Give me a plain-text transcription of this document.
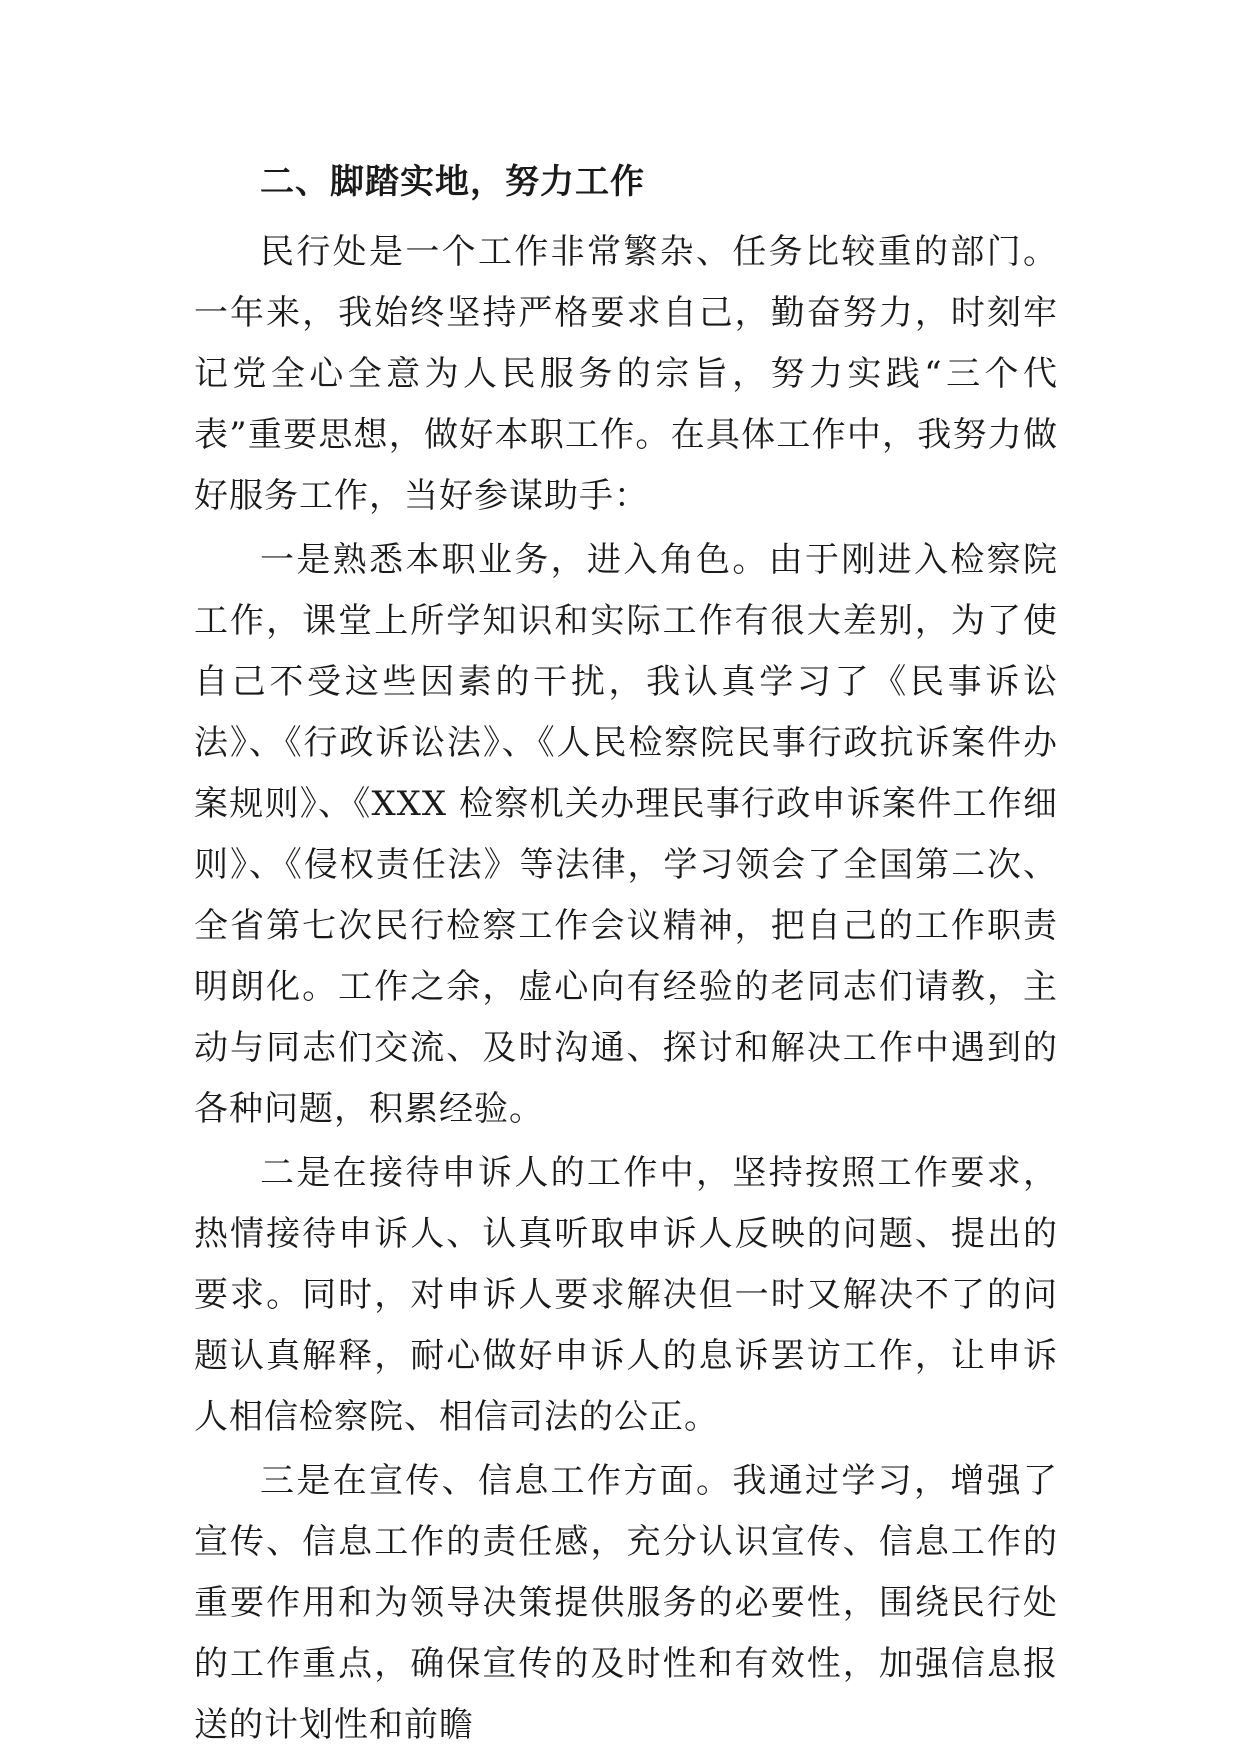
二、脚踏实地，努力工作

民行处是一个工作非常繁杂、任务比较重的部门。一年来，我始终坚持严格要求自己，勤奋努力，时刻牢记党全心全意为人民服务的宗旨，努力实践“三个代表”重要思想，做好本职工作。在具体工作中，我努力做好服务工作，当好参谋助手：

一是熟悉本职业务，进入角色。由于刚进入检察院工作，课堂上所学知识和实际工作有很大差别，为了使自己不受这些因素的干扰，我认真学习了《民事诉讼法》、《行政诉讼法》、《人民检察院民事行政抗诉案件办案规则》、《XXX 检察机关办理民事行政申诉案件工作细则》、《侵权责任法》等法律，学习领会了全国第二次、全省第七次民行检察工作会议精神，把自己的工作职责明朗化。工作之余，虚心向有经验的老同志们请教，主动与同志们交流、及时沟通、探讨和解决工作中遇到的各种问题，积累经验。

二是在接待申诉人的工作中，坚持按照工作要求，热情接待申诉人、认真听取申诉人反映的问题、提出的要求。同时，对申诉人要求解决但一时又解决不了的问题认真解释，耐心做好申诉人的息诉罢访工作，让申诉人相信检察院、相信司法的公正。

三是在宣传、信息工作方面。我通过学习，增强了宣传、信息工作的责任感，充分认识宣传、信息工作的重要作用和为领导决策提供服务的必要性，围绕民行处的工作重点，确保宣传的及时性和有效性，加强信息报送的计划性和前瞻
